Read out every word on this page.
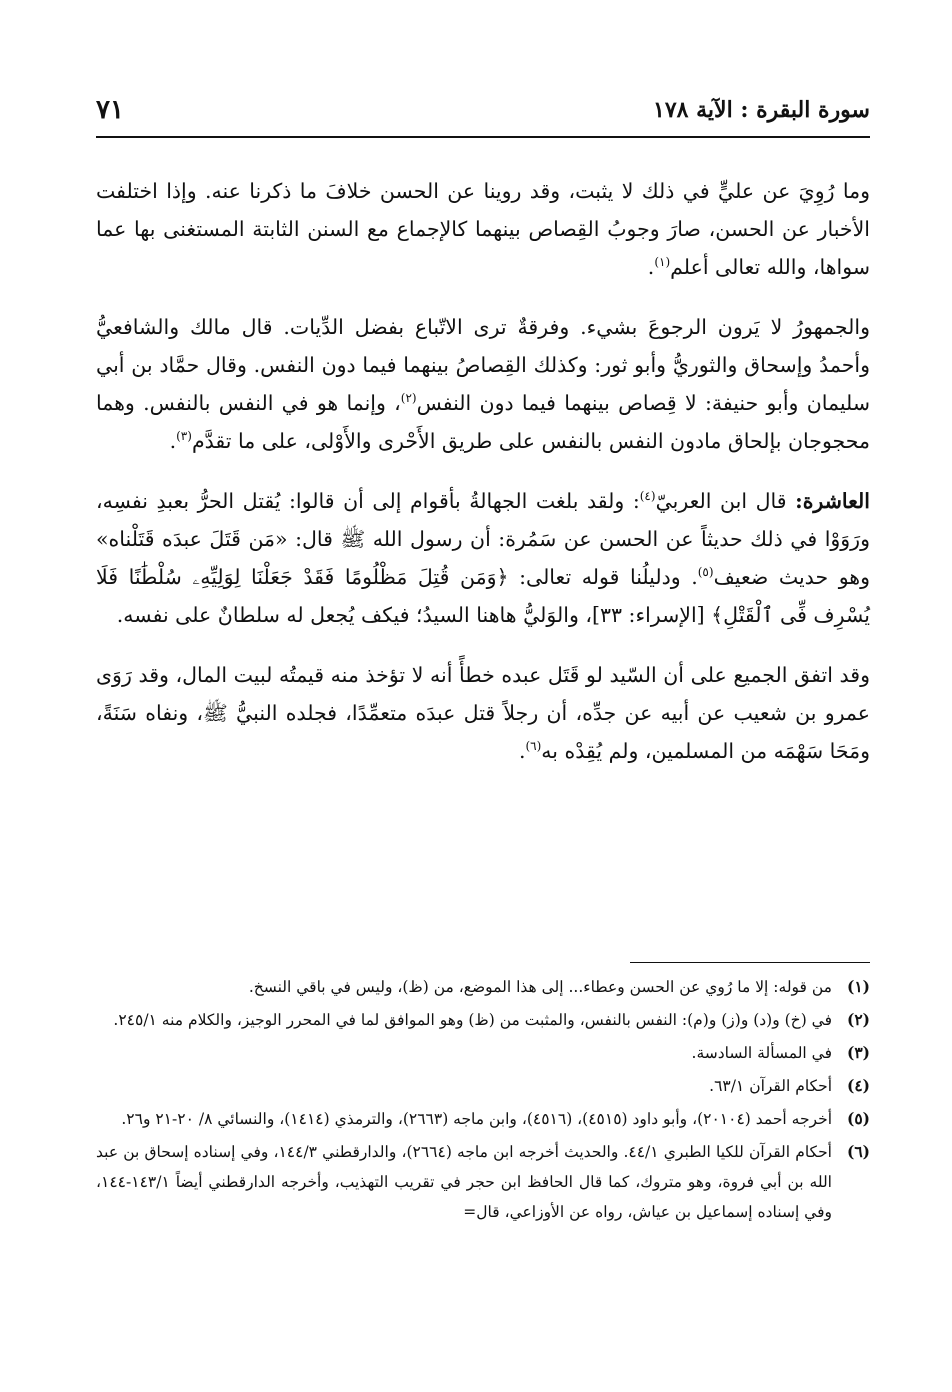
سورة البقرة : الآية ١٧٨
٧١

وما رُوِيَ عن عليٍّ في ذلك لا يثبت، وقد روينا عن الحسن خلافَ ما ذكرنا عنه. وإذا اختلفت الأخبار عن الحسن، صارَ وجوبُ القِصاص بينهما كالإجماع مع السنن الثابتة المستغنى بها عما سواها، والله تعالى أعلم$^{(١)}$.

والجمهورُ لا يَرون الرجوعَ بشيء. وفرقةٌ ترى الاتّباع بفضل الدِّيات. قال مالك والشافعيُّ وأحمدُ وإسحاق والثوريُّ وأبو ثور: وكذلك القِصاصُ بينهما فيما دون النفس. وقال حمَّاد بن أبي سليمان وأبو حنيفة: لا قِصاص بينهما فيما دون النفس$^{(٢)}$، وإنما هو في النفس بالنفس. وهما محجوجان بإلحاق مادون النفس بالنفس على طريق الأَحْرى والأَوْلى، على ما تقدَّم$^{(٣)}$.

العاشرة: قال ابن العربيّ$^{(٤)}$: ولقد بلغت الجهالةُ بأقوام إلى أن قالوا: يُقتل الحرُّ بعبدِ نفسِه، ورَوَوْا في ذلك حديثاً عن الحسن عن سَمُرة: أن رسول الله ﷺ قال: «مَن قَتَلَ عبدَه قَتَلْناه» وهو حديث ضعيف$^{(٥)}$. ودليلُنا قوله تعالى: ﴿وَمَن قُتِلَ مَظْلُومًا فَقَدْ جَعَلْنَا لِوَلِيِّهِۦ سُلْطَٰنًا فَلَا يُسْرِف فِّى ٱلْقَتْلِ﴾ [الإسراء: ٣٣]، والوَليُّ هاهنا السيدُ؛ فيكف يُجعل له سلطانٌ على نفسه.

وقد اتفق الجميع على أن السّيد لو قَتَل عبده خطأً أنه لا تؤخذ منه قيمتُه لبيت المال، وقد رَوَى عمرو بن شعيب عن أبيه عن جدِّه، أن رجلاً قتل عبدَه متعمِّدًا، فجلده النبيُّ ﷺ، ونفاه سَنَةً، ومَحَا سَهْمَه من المسلمين، ولم يُقِدْه به$^{(٦)}$.

(١)
من قوله: إلا ما رُوي عن الحسن وعطاء... إلى هذا الموضع، من (ظ)، وليس في باقي النسخ.
(٢)
في (خ) و(د) و(ز) و(م): النفس بالنفس، والمثبت من (ظ) وهو الموافق لما في المحرر الوجيز، والكلام منه ٢٤٥/١.
(٣)
في المسألة السادسة.
(٤)
أحكام القرآن ٦٣/١.
(٥)
أخرجه أحمد (٢٠١٠٤)، وأبو داود (٤٥١٥)، (٤٥١٦)، وابن ماجه (٢٦٦٣)، والترمذي (١٤١٤)، والنسائي ٨/ ٢٠-٢١ و٢٦.
(٦)
أحكام القرآن للكيا الطبري ٤٤/١. والحديث أخرجه ابن ماجه (٢٦٦٤)، والدارقطني ١٤٤/٣، وفي إسناده إسحاق بن عبد الله بن أبي فروة، وهو متروك، كما قال الحافظ ابن حجر في تقريب التهذيب، وأخرجه الدارقطني أيضاً ١٤٣/١-١٤٤، وفي إسناده إسماعيل بن عياش، رواه عن الأوزاعي، قال=
